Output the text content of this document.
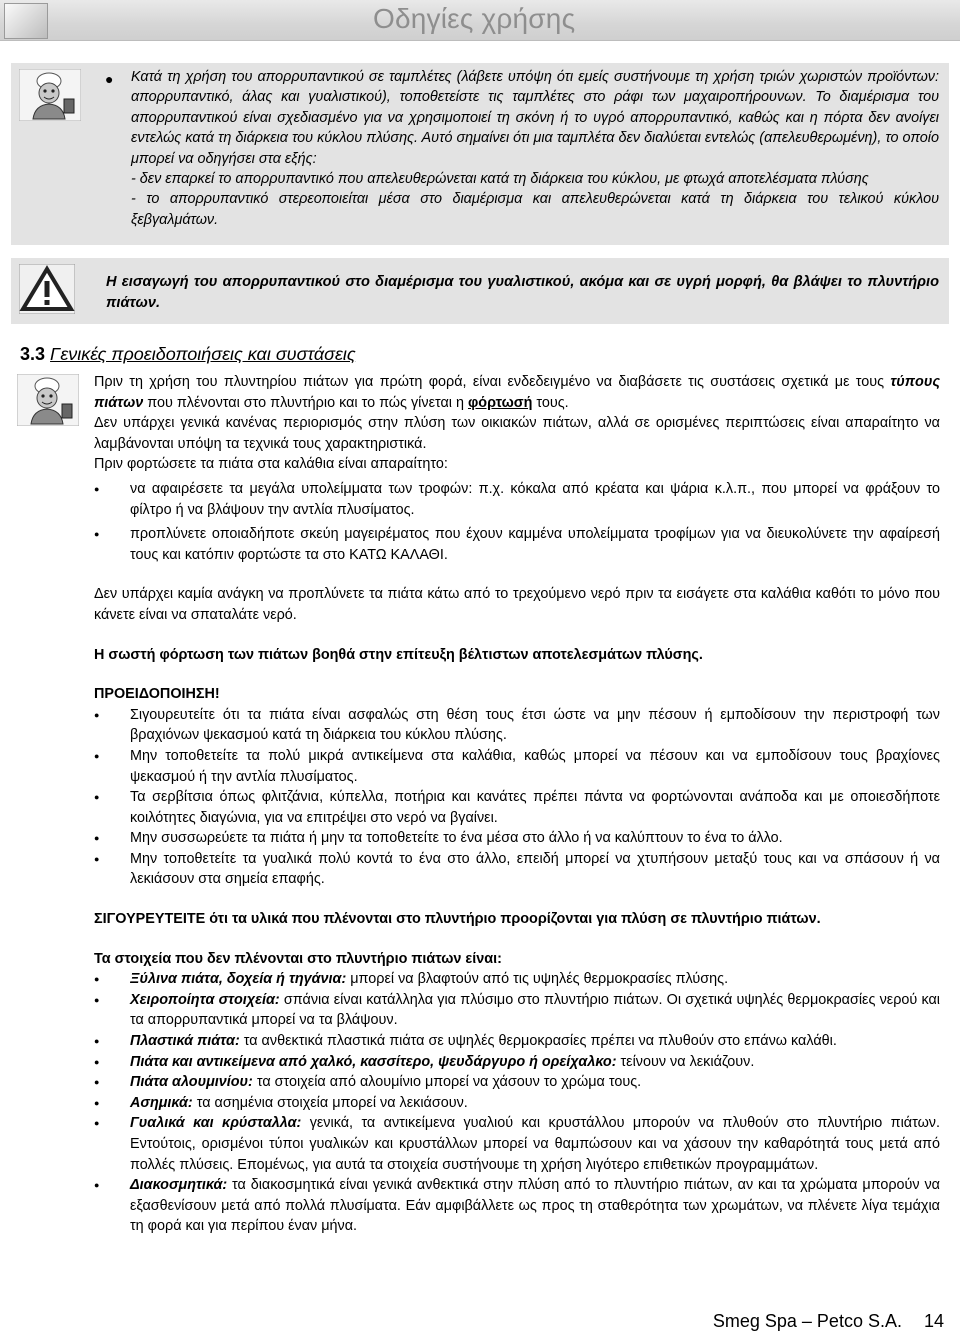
Οδηγίες χρήσης
● Κατά τη χρήση του απορρυπαντικού σε ταμπλέτες (λάβετε υπόψη ότι εμείς συστήνουμε τη χρήση τριών χωριστών προϊόντων: απορρυπαντικό, άλας και γυαλιστικού), τοποθετείστε τις ταμπλέτες στο ράφι των μαχαιροπήρουνων. Το διαμέρισμα του απορρυπαντικού είναι σχεδιασμένο για να χρησιμοποιεί τη σκόνη ή το υγρό απορρυπαντικό, καθώς και η πόρτα δεν ανοίγει εντελώς κατά τη διάρκεια του κύκλου πλύσης. Αυτό σημαίνει ότι μια ταμπλέτα δεν διαλύεται εντελώς (απελευθερωμένη), το οποίο μπορεί να οδηγήσει στα εξής:
- δεν επαρκεί το απορρυπαντικό που απελευθερώνεται κατά τη διάρκεια του κύκλου, με φτωχά αποτελέσματα πλύσης
- το απορρυπαντικό στερεοποιείται μέσα στο διαμέρισμα και απελευθερώνεται κατά τη διάρκεια του τελικού κύκλου ξεβγαλμάτων.
Η εισαγωγή του απορρυπαντικού στο διαμέρισμα του γυαλιστικού, ακόμα και σε υγρή μορφή, θα βλάψει το πλυντήριο πιάτων.
3.3 Γενικές προειδοποιήσεις και συστάσεις

Πριν τη χρήση του πλυντηρίου πιάτων για πρώτη φορά, είναι ενδεδειγμένο να διαβάσετε τις συστάσεις σχετικά με τους τύπους πιάτων που πλένονται στο πλυντήριο και το πώς γίνεται η φόρτωσή τους.

Δεν υπάρχει γενικά κανένας περιορισμός στην πλύση των οικιακών πιάτων, αλλά σε ορισμένες περιπτώσεις είναι απαραίτητο να λαμβάνονται υπόψη τα τεχνικά τους χαρακτηριστικά.

Πριν φορτώσετε τα πιάτα στα καλάθια είναι απαραίτητο:

● να αφαιρέσετε τα μεγάλα υπολείμματα των τροφών: π.χ. κόκαλα από κρέατα και ψάρια κ.λ.π., που μπορεί να φράξουν το φίλτρο ή να βλάψουν την αντλία πλυσίματος.
● προπλύνετε οποιαδήποτε σκεύη μαγειρέματος που έχουν καμμένα υπολείμματα τροφίμων για να διευκολύνετε την αφαίρεσή τους και κατόπιν φορτώστε τα στο ΚΑΤΩ ΚΑΛΑΘΙ.

Δεν υπάρχει καμία ανάγκη να προπλύνετε τα πιάτα κάτω από το τρεχούμενο νερό πριν τα εισάγετε στα καλάθια καθότι το μόνο που κάνετε είναι να σπαταλάτε νερό.

Η σωστή φόρτωση των πιάτων βοηθά στην επίτευξη βέλτιστων αποτελεσμάτων πλύσης.

ΠΡΟΕΙΔΟΠΟΙΗΣΗ!

● Σιγουρευτείτε ότι τα πιάτα είναι ασφαλώς στη θέση τους έτσι ώστε να μην πέσουν ή εμποδίσουν την περιστροφή των βραχιόνων ψεκασμού κατά τη διάρκεια του κύκλου πλύσης.
● Μην τοποθετείτε τα πολύ μικρά αντικείμενα στα καλάθια, καθώς μπορεί να πέσουν και να εμποδίσουν τους βραχίονες ψεκασμού ή την αντλία πλυσίματος.
● Τα σερβίτσια όπως φλιτζάνια, κύπελλα, ποτήρια και κανάτες πρέπει πάντα να φορτώνονται ανάποδα και με οποιεσδήποτε κοιλότητες διαγώνια, για να επιτρέψει στο νερό να βγαίνει.
● Μην συσσωρεύετε τα πιάτα ή μην τα τοποθετείτε το ένα μέσα στο άλλο ή να καλύπτουν το ένα το άλλο.
● Μην τοποθετείτε τα γυαλικά πολύ κοντά το ένα στο άλλο, επειδή μπορεί να χτυπήσουν μεταξύ τους και να σπάσουν ή να λεκιάσουν στα σημεία επαφής.

ΣΙΓΟΥΡΕΥΤΕΙΤΕ ότι τα υλικά που πλένονται στο πλυντήριο προορίζονται για πλύση σε πλυντήριο πιάτων.

Τα στοιχεία που δεν πλένονται στο πλυντήριο πιάτων είναι:

● Ξύλινα πιάτα, δοχεία ή τηγάνια: μπορεί να βλαφτούν από τις υψηλές θερμοκρασίες πλύσης.
● Χειροποίητα στοιχεία: σπάνια είναι κατάλληλα για πλύσιμο στο πλυντήριο πιάτων. Οι σχετικά υψηλές θερμοκρασίες νερού και τα απορρυπαντικά μπορεί να τα βλάψουν.
● Πλαστικά πιάτα: τα ανθεκτικά πλαστικά πιάτα σε υψηλές θερμοκρασίες πρέπει να πλυθούν στο επάνω καλάθι.
● Πιάτα και αντικείμενα από χαλκό, κασσίτερο, ψευδάργυρο ή ορείχαλκο: τείνουν να λεκιάζουν.
● Πιάτα αλουμινίου: τα στοιχεία από αλουμίνιο μπορεί να χάσουν το χρώμα τους.
● Ασημικά: τα ασημένια στοιχεία μπορεί να λεκιάσουν.
● Γυαλικά και κρύσταλλα: γενικά, τα αντικείμενα γυαλιού και κρυστάλλου μπορούν να πλυθούν στο πλυντήριο πιάτων. Εντούτοις, ορισμένοι τύποι γυαλικών και κρυστάλλων μπορεί να θαμπώσουν και να χάσουν την καθαρότητά τους μετά από πολλές πλύσεις. Επομένως, για αυτά τα στοιχεία συστήνουμε τη χρήση λιγότερο επιθετικών προγραμμάτων.
● Διακοσμητικά: τα διακοσμητικά είναι γενικά ανθεκτικά στην πλύση από το πλυντήριο πιάτων, αν και τα χρώματα μπορούν να εξασθενίσουν μετά από πολλά πλυσίματα. Εάν αμφιβάλλετε ως προς τη σταθερότητα των χρωμάτων, να πλένετε λίγα τεμάχια τη φορά και για περίπου έναν μήνα.
Smeg Spa – Petco S.A. 14
